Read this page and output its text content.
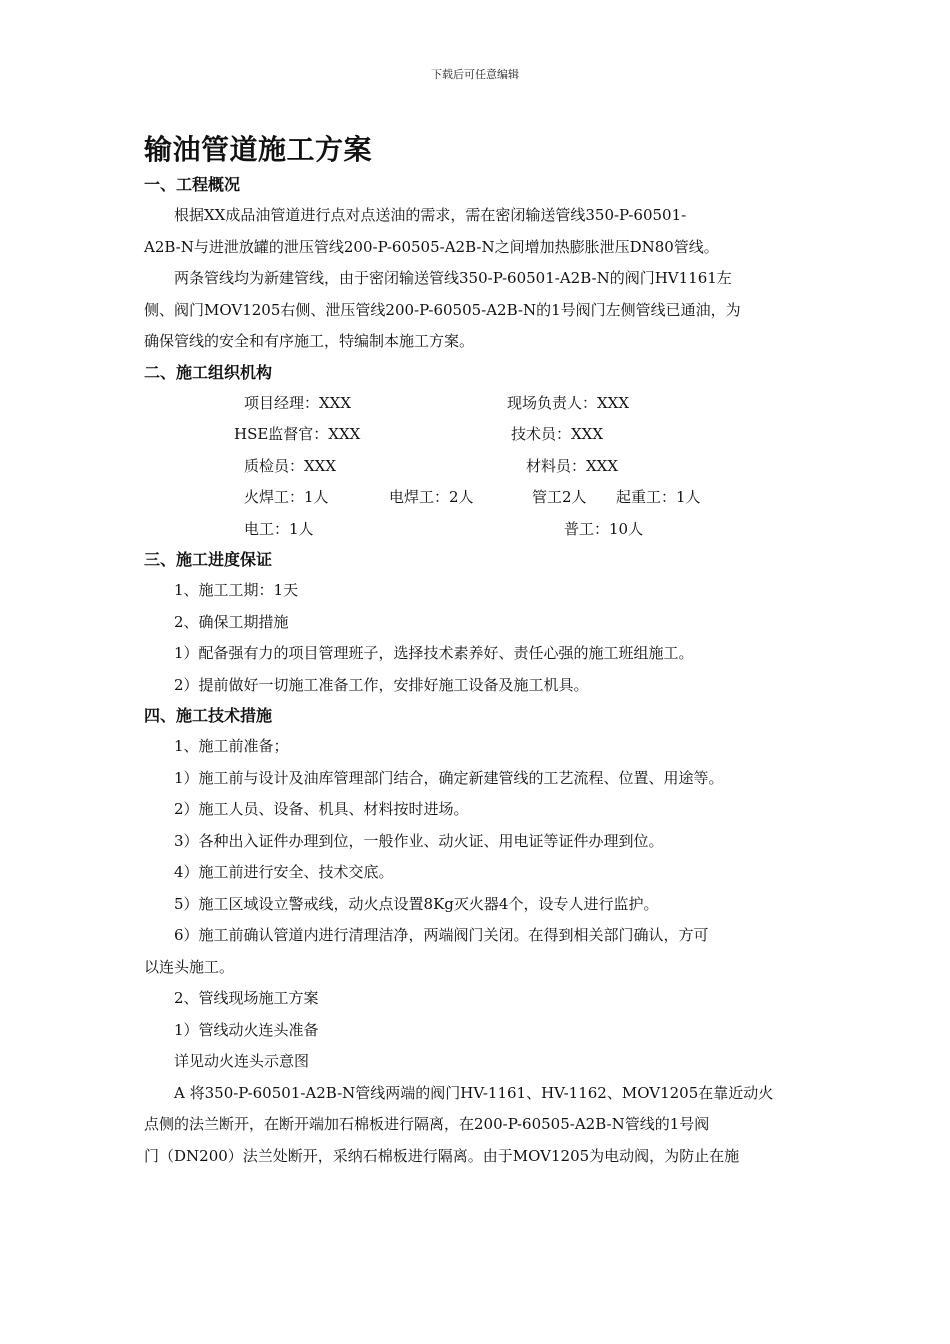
下载后可任意编辑
输油管道施工方案
一、工程概况

根据XX成品油管道进行点对点送油的需求，需在密闭输送管线350-P-60501-

A2B-N与进泄放罐的泄压管线200-P-60505-A2B-N之间增加热膨胀泄压DN80管线。

两条管线均为新建管线，由于密闭输送管线350-P-60501-A2B-N的阀门HV1161左

侧、阀门MOV1205右侧、泄压管线200-P-60505-A2B-N的1号阀门左侧管线已通油，为

确保管线的安全和有序施工，特编制本施工方案。

二、施工组织机构
项目经理：XXX	现场负责人：XXX
HSE监督官：XXX	技术员：XXX
质检员：XXX	材料员：XXX
火焊工：1人	电焊工：2人	管工2人 起重工：1人
电工：1人	普工：10人
三、施工进度保证

1、施工工期：1天

2、确保工期措施

1）配备强有力的项目管理班子，选择技术素养好、责任心强的施工班组施工。

2）提前做好一切施工准备工作，安排好施工设备及施工机具。

四、施工技术措施

1、施工前准备；

1）施工前与设计及油库管理部门结合，确定新建管线的工艺流程、位置、用途等。

2）施工人员、设备、机具、材料按时进场。

3）各种出入证件办理到位，一般作业、动火证、用电证等证件办理到位。

4）施工前进行安全、技术交底。

5）施工区域设立警戒线，动火点设置8Kg灭火器4个，设专人进行监护。

6）施工前确认管道内进行清理洁净，两端阀门关闭。在得到相关部门确认，方可

以连头施工。

2、管线现场施工方案

1）管线动火连头准备

详见动火连头示意图

A 将350-P-60501-A2B-N管线两端的阀门HV-1161、HV-1162、MOV1205在靠近动火

点侧的法兰断开，在断开端加石棉板进行隔离，在200-P-60505-A2B-N管线的1号阀

门（DN200）法兰处断开，采纳石棉板进行隔离。由于MOV1205为电动阀，为防止在施
